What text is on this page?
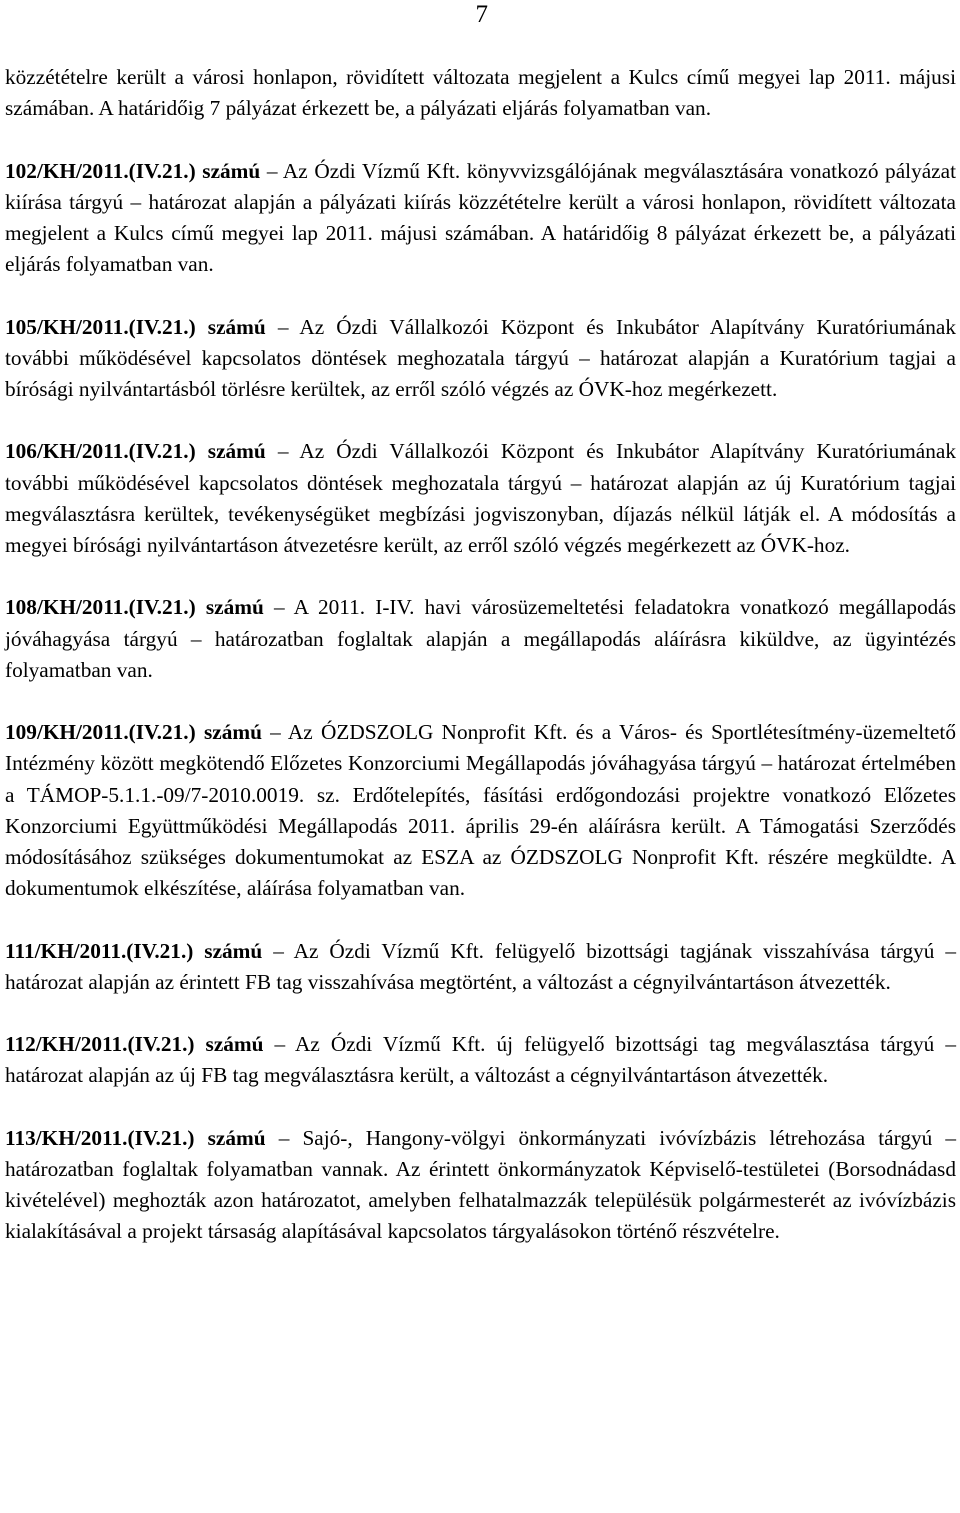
7

közzétételre került a városi honlapon, rövidített változata megjelent a Kulcs című megyei lap 2011. májusi számában. A határidőig 7 pályázat érkezett be, a pályázati eljárás folyamatban van.

102/KH/2011.(IV.21.) számú – Az Ózdi Vízmű Kft. könyvvizsgálójának megválasztására vonatkozó pályázat kiírása tárgyú – határozat alapján a pályázati kiírás közzétételre került a városi honlapon, rövidített változata megjelent a Kulcs című megyei lap 2011. májusi számában. A határidőig 8 pályázat érkezett be, a pályázati eljárás folyamatban van.

105/KH/2011.(IV.21.) számú – Az Ózdi Vállalkozói Központ és Inkubátor Alapítvány Kuratóriumának további működésével kapcsolatos döntések meghozatala tárgyú – határozat alapján a Kuratórium tagjai a bírósági nyilvántartásból törlésre kerültek, az erről szóló végzés az ÓVK-hoz megérkezett.

106/KH/2011.(IV.21.) számú – Az Ózdi Vállalkozói Központ és Inkubátor Alapítvány Kuratóriumának további működésével kapcsolatos döntések meghozatala tárgyú – határozat alapján az új Kuratórium tagjai megválasztásra kerültek, tevékenységüket megbízási jogviszonyban, díjazás nélkül látják el. A módosítás a megyei bírósági nyilvántartáson átvezetésre került, az erről szóló végzés megérkezett az ÓVK-hoz.

108/KH/2011.(IV.21.) számú – A 2011. I-IV. havi városüzemeltetési feladatokra vonatkozó megállapodás jóváhagyása tárgyú – határozatban foglaltak alapján a megállapodás aláírásra kiküldve, az ügyintézés folyamatban van.

109/KH/2011.(IV.21.) számú – Az ÓZDSZOLG Nonprofit Kft. és a Város- és Sportlétesítmény-üzemeltető Intézmény között megkötendő Előzetes Konzorciumi Megállapodás jóváhagyása tárgyú – határozat értelmében a TÁMOP-5.1.1.-09/7-2010.0019. sz. Erdőtelepítés, fásítási erdőgondozási projektre vonatkozó Előzetes Konzorciumi Együttműködési Megállapodás 2011. április 29-én aláírásra került. A Támogatási Szerződés módosításához szükséges dokumentumokat az ESZA az ÓZDSZOLG Nonprofit Kft. részére megküldte. A dokumentumok elkészítése, aláírása folyamatban van.

111/KH/2011.(IV.21.) számú – Az Ózdi Vízmű Kft. felügyelő bizottsági tagjának visszahívása tárgyú – határozat alapján az érintett FB tag visszahívása megtörtént, a változást a cégnyilvántartáson átvezették.

112/KH/2011.(IV.21.) számú – Az Ózdi Vízmű Kft. új felügyelő bizottsági tag megválasztása tárgyú – határozat alapján az új FB tag megválasztásra került, a változást a cégnyilvántartáson átvezették.

113/KH/2011.(IV.21.) számú – Sajó-, Hangony-völgyi önkormányzati ivóvízbázis létrehozása tárgyú – határozatban foglaltak folyamatban vannak. Az érintett önkormányzatok Képviselő-testületei (Borsodnádasd kivételével) meghozták azon határozatot, amelyben felhatalmazzák településük polgármesterét az ivóvízbázis kialakításával a projekt társaság alapításával kapcsolatos tárgyalásokon történő részvételre.
